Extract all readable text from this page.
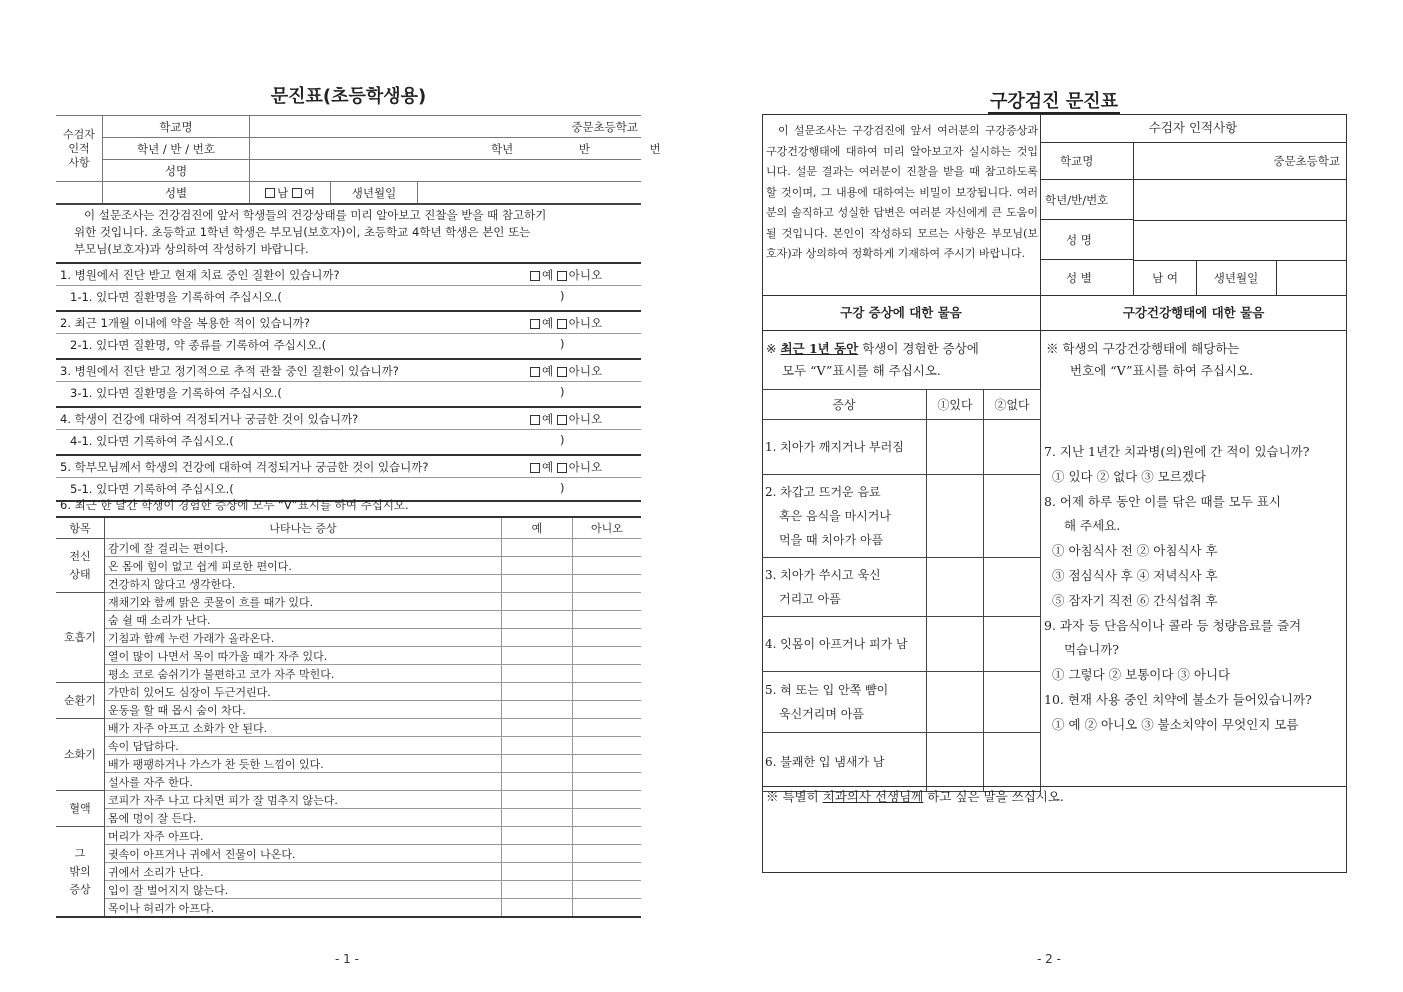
문진표(초등학생용)
수검자
인적
사항	학교명	중문초등학교		
	학년 / 반 / 번호	학년 반 번		
	성명			
	성별	남 여	생년월일	
이 설문조사는 건강검진에 앞서 학생들의 건강상태를 미리 알아보고 진찰을 받을 때 참고하기
위한 것입니다. 초등학교 1학년 학생은 부모님(보호자)이, 초등학교 4학년 학생은 본인 또는
부모님(보호자)과 상의하여 작성하기 바랍니다.
1. 병원에서 진단 받고 현재 치료 중인 질환이 있습니까?	예 아니오
1-1. 있다면 질환명을 기록하여 주십시오.(	)
2. 최근 1개월 이내에 약을 복용한 적이 있습니까?	예 아니오
2-1. 있다면 질환명, 약 종류를 기록하여 주십시오.(	)
3. 병원에서 진단 받고 정기적으로 추적 관찰 중인 질환이 있습니까?	예 아니오
3-1. 있다면 질환명을 기록하여 주십시오.(	)
4. 학생이 건강에 대하여 걱정되거나 궁금한 것이 있습니까?	예 아니오
4-1. 있다면 기록하여 주십시오.(	)
5. 학부모님께서 학생의 건강에 대하여 걱정되거나 궁금한 것이 있습니까?	예 아니오
5-1. 있다면 기록하여 주십시오.(	)
6. 최근 한 달간 학생이 경험한 증상에 모두 “V”표시를 하여 주십시오.
항목	나타나는 증상	예	아니오
전신
상태	감기에 잘 걸리는 편이다.		
	온 몸에 힘이 없고 쉽게 피로한 편이다.		
	건강하지 않다고 생각한다.		
호흡기	재채기와 함께 맑은 콧물이 흐를 때가 있다.		
	숨 쉴 때 소리가 난다.		
	기침과 함께 누런 가래가 올라온다.		
	열이 많이 나면서 목이 따가울 때가 자주 있다.		
	평소 코로 숨쉬기가 불편하고 코가 자주 막힌다.		
순환기	가만히 있어도 심장이 두근거린다.		
	운동을 할 때 몹시 숨이 차다.		
소화기	배가 자주 아프고 소화가 안 된다.		
	속이 답답하다.		
	배가 팽팽하거나 가스가 찬 듯한 느낌이 있다.		
	설사를 자주 한다.		
혈액	코피가 자주 나고 다치면 피가 잘 멈추지 않는다.		
	몸에 멍이 잘 든다.		
그
밖의
증상	머리가 자주 아프다.		
	귓속이 아프거나 귀에서 진물이 나온다.		
	귀에서 소리가 난다.		
	입이 잘 벌어지지 않는다.		
	목이나 허리가 아프다.		
- 1 -
구강검진 문진표
이 설문조사는 구강검진에 앞서 여러분의 구강증상과 구강건강행태에 대하여 미리 알아보고자 실시하는 것입니다. 설문 결과는 여러분이 진찰을 받을 때 참고하도록 할 것이며, 그 내용에 대하여는 비밀이 보장됩니다. 여러분의 솔직하고 성실한 답변은 여러분 자신에게 큰 도움이 될 것입니다. 본인이 작성하되 모르는 사항은 부모님(보호자)과 상의하여 정확하게 기재하여 주시기 바랍니다.
수검자 인적사항
학교명	중문초등학교
학년/반/번호
성 명
성 별	남 여	생년월일
구강 증상에 대한 물음	구강건강행태에 대한 물음
※ 최근 1년 동안 학생이 경험한 증상에
모두 “V”표시를 해 주십시오.
※ 학생의 구강건강행태에 해당하는
번호에 “V”표시를 하여 주십시오.
증상	①있다	②없다

1. 치아가 깨지거나 부러짐		

2. 차갑고 뜨거운 음료
혹은 음식을 마시거나
먹을 때 치아가 아픔		

3. 치아가 쑤시고 욱신
거리고 아픔		

4. 잇몸이 아프거나 피가 남		

5. 혀 또는 입 안쪽 뺨이
욱신거리며 아픔		

6. 불쾌한 입 냄새가 남		

7. 지난 1년간 치과병(의)원에 간 적이 있습니까?
① 있다 ② 없다 ③ 모르겠다
8. 어제 하루 동안 이를 닦은 때를 모두 표시
해 주세요.
① 아침식사 전 ② 아침식사 후
③ 점심식사 후 ④ 저녁식사 후
⑤ 잠자기 직전 ⑥ 간식섭취 후
9. 과자 등 단음식이나 콜라 등 청량음료를 즐겨
먹습니까?
① 그렇다 ② 보통이다 ③ 아니다
10. 현재 사용 중인 치약에 불소가 들어있습니까?
① 예 ② 아니오 ③ 불소치약이 무엇인지 모름
※ 특별히 치과의사 선생님께 하고 싶은 말을 쓰십시오.
- 2 -
